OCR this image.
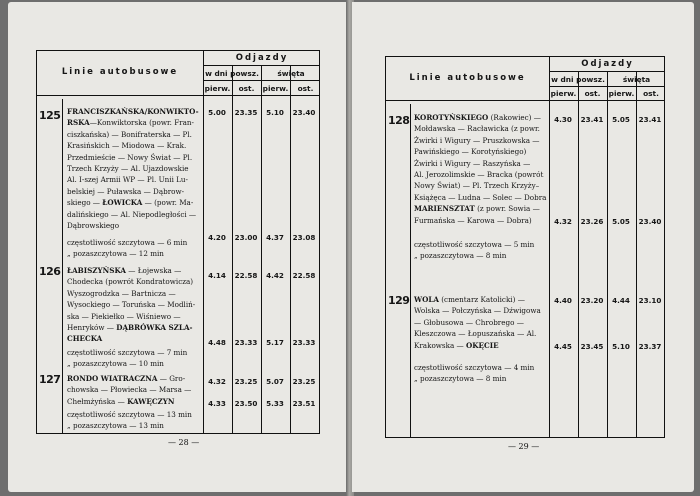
Linie autobusowe
Odjazdy
w dni powsz.	święta
pierw.	ost.	pierw.	ost.
125 FRANCISZKAŃSKA/KONWIKTO-
RSKA—Konwiktorska (powr. Fran-
ciszkańska) — Bonifraterska — Pl.
Krasińskich — Miodowa — Krak.
Przedmieście — Nowy Świat — Pl.
Trzech Krzyży — Al. Ujazdowskie
Al. I-szej Armii WP — Pl. Unii Lu-
belskiej — Puławska — Dąbrow-
skiego — ŁOWICKA — (powr. Ma-
dalińskiego — Al. Niepodległości —
Dąbrowskiego
5.00	23.35	5.10	23.40
4.20	23.00	4.37	23.08
częstotliwość szczytowa — 6 min
„ pozaszczytowa — 12 min
126 ŁABISZYŃSKA — Łojewska —
Chodecka (powrót Kondratowicza)
Wyszogrodzka — Bartnicza —
Wysockiego — Toruńska — Modliń-
ska — Piekiełko — Wiśniewo —
Henryków — DĄBRÓWKA SZLA-
CHECKA
4.14	22.58	4.42	22.58
4.48	23.33	5.17	23.33
częstotliwość szczytowa — 7 min
„ pozaszczytowa — 10 min
127 RONDO WIATRACZNA — Gro-
chowska — Płowiecka — Marsa —
Chełmżyńska — KAWĘCZYN
4.32	23.25	5.07	23.25
4.33	23.50	5.33	23.51
częstotliwość szczytowa — 13 min
„ pozaszczytowa — 13 min
— 28 —
Linie autobusowe
Odjazdy
w dni powsz.	święta
pierw.	ost.	pierw.	ost.
128 KOROTYŃSKIEGO (Rakowiec) —
Mołdawska — Racławicka (z powr.
Żwirki i Wigury — Pruszkowska —
Pawińskiego — Korotyńskiego)
Żwirki i Wigury — Raszyńska —
Al. Jerozolimskie — Bracka (powrót
Nowy Świat) — Pl. Trzech Krzyży–
Książęca — Ludna — Solec — Dobra
MARIENSZTAT (z powr. Sowia —
Furmańska — Karowa — Dobra)
4.30	23.41	5.05	23.41
4.32	23.26	5.05	23.40
częstotliwość szczytowa — 5 min
„ pozaszczytowa — 8 min
129 WOLA (cmentarz Katolicki) —
Wolska — Połczyńska — Dźwigowa
— Głobusowa — Chrobrego —
Kleszczowa — Łopuszańska — Al.
Krakowska — OKĘCIE
4.40	23.20	4.44	23.10
4.45	23.45	5.10	23.37
częstotliwość szczytowa — 4 min
„ pozaszczytowa — 8 min
— 29 —
